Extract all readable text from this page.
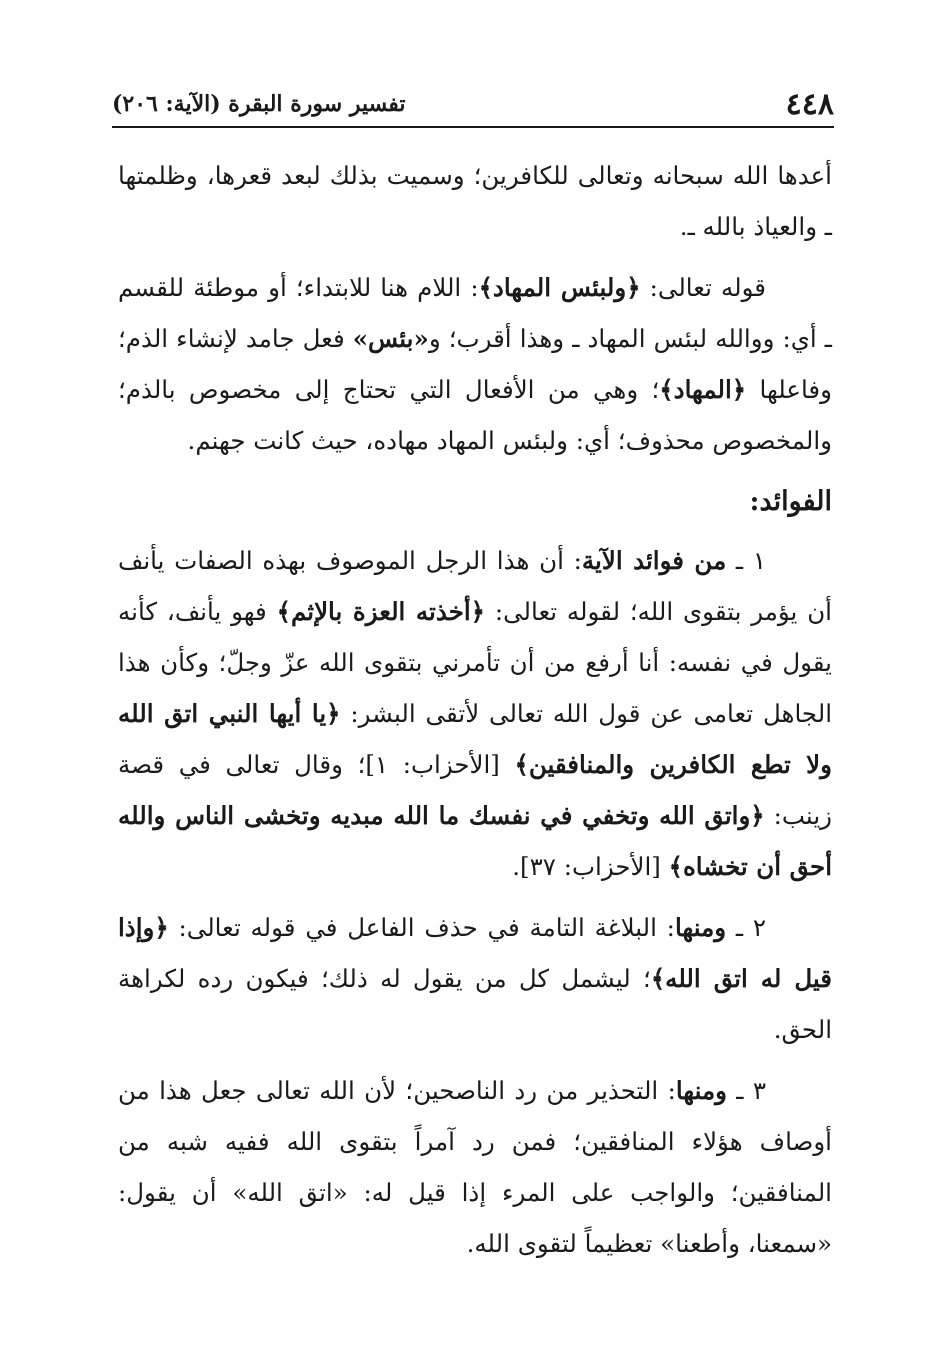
٤٤٨
تفسير سورة البقرة (الآية: ٢٠٦)

أعدها الله سبحانه وتعالى للكافرين؛ وسميت بذلك لبعد قعرها، وظلمتها ـ والعياذ بالله ـ.

قوله تعالى: ﴿ولبئس المهاد﴾: اللام هنا للابتداء؛ أو موطئة للقسم ـ أي: ووالله لبئس المهاد ـ وهذا أقرب؛ و«بئس» فعل جامد لإنشاء الذم؛ وفاعلها ﴿المهاد﴾؛ وهي من الأفعال التي تحتاج إلى مخصوص بالذم؛ والمخصوص محذوف؛ أي: ولبئس المهاد مهاده، حيث كانت جهنم.

الفوائد:

١ ـ من فوائد الآية: أن هذا الرجل الموصوف بهذه الصفات يأنف أن يؤمر بتقوى الله؛ لقوله تعالى: ﴿أخذته العزة بالإثم﴾ فهو يأنف، كأنه يقول في نفسه: أنا أرفع من أن تأمرني بتقوى الله عزّ وجلّ؛ وكأن هذا الجاهل تعامى عن قول الله تعالى لأتقى البشر: ﴿يا أيها النبي اتق الله ولا تطع الكافرين والمنافقين﴾ [الأحزاب: ١]؛ وقال تعالى في قصة زينب: ﴿واتق الله وتخفي في نفسك ما الله مبديه وتخشى الناس والله أحق أن تخشاه﴾ [الأحزاب: ٣٧].

٢ ـ ومنها: البلاغة التامة في حذف الفاعل في قوله تعالى: ﴿وإذا قيل له اتق الله﴾؛ ليشمل كل من يقول له ذلك؛ فيكون رده لكراهة الحق.

٣ ـ ومنها: التحذير من رد الناصحين؛ لأن الله تعالى جعل هذا من أوصاف هؤلاء المنافقين؛ فمن رد آمراً بتقوى الله ففيه شبه من المنافقين؛ والواجب على المرء إذا قيل له: «اتق الله» أن يقول: «سمعنا، وأطعنا» تعظيماً لتقوى الله.
